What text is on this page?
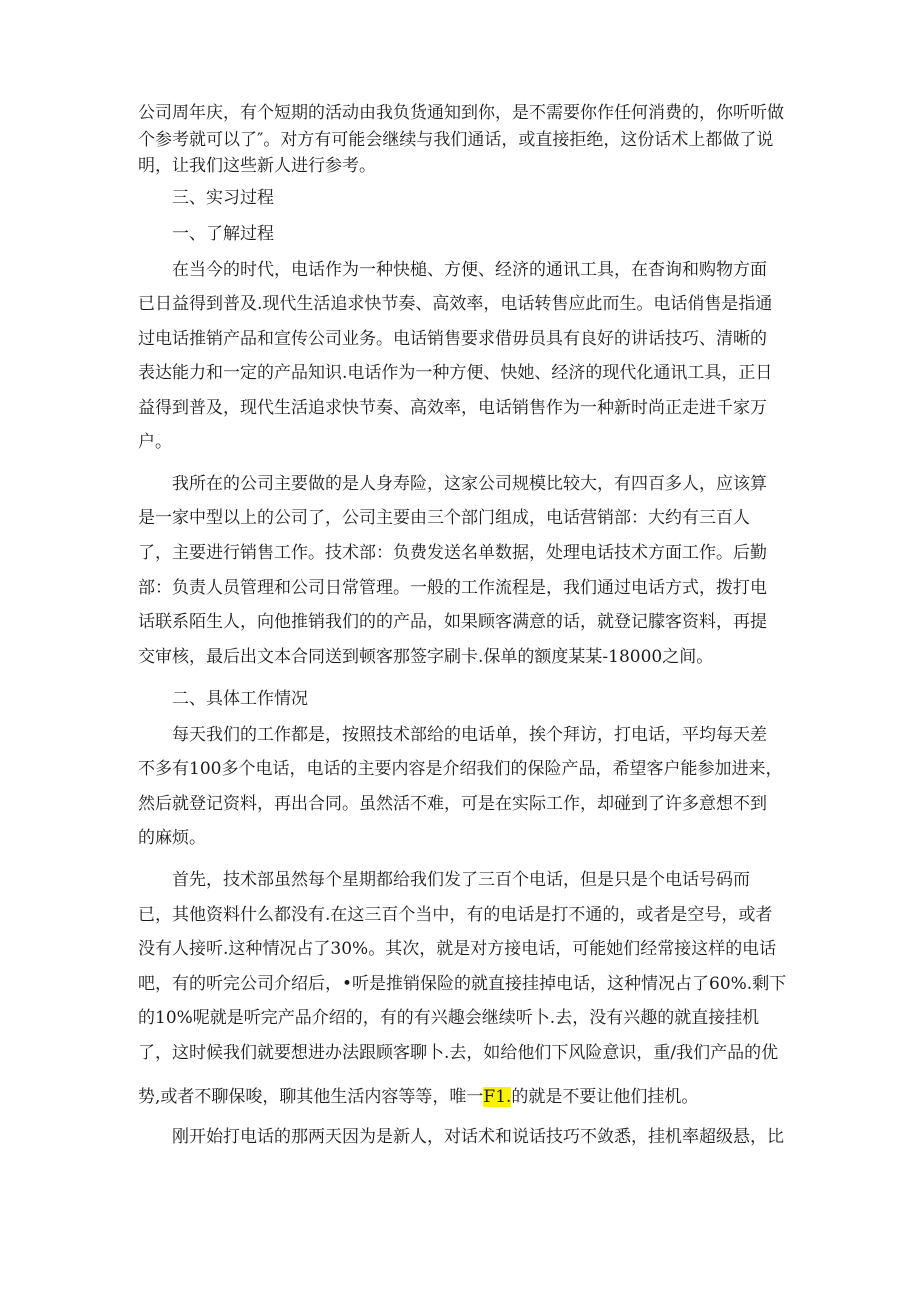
公司周年庆，有个短期的活动由我负货通知到你，是不需要你作任何消费的，你听听做
个参考就可以了″。对方有可能会继续与我们通话，或直接拒绝，这份话术上都做了说
明，让我们这些新人进行参考。
三、实习过程
一、了解过程
在当今的时代，电话作为一种快槌、方便、经济的通讯工具，在杳询和购物方面
已日益得到普及.现代生活追求快节奏、高效率，电话转售应此而生。电话俏售是指通
过电话推销产品和宣传公司业务。电话销售要求借毋员具有良好的讲话技巧、清晰的
表达能力和一定的产品知识.电话作为一种方便、快她、经济的现代化通讯工具，正日
益得到普及，现代生活追求快节奏、高效率，电话销售作为一种新时尚正走进千家万
户。
我所在的公司主要做的是人身寿险，这家公司规模比较大，有四百多人，应该算
是一家中型以上的公司了，公司主要由三个部门组成，电话营销部：大约有三百人
了，主要进行销售工作。技术部：负费发送名单数据，处理电话技术方面工作。后勤
部：负责人员管理和公司日常管理。一般的工作流程是，我们通过电话方式，拨打电
话联系陌生人，向他推销我们的的产品，如果顾客满意的话，就登记朦客资料，再提
交审核，最后出文本合同送到顿客那签字刷卡.保单的额度某某-18000之间。
二、具体工作情况
每天我们的工作都是，按照技术部给的电话单，挨个拜访，打电话，平均每天差
不多有100多个电话，电话的主要内容是介绍我们的保险产品，希望客户能参加进来，
然后就登记资料，再出合同。虽然活不难，可是在实际工作，却碰到了许多意想不到
的麻烦。
首先，技术部虽然每个星期都给我们发了三百个电话，但是只是个电话号码而
已，其他资料什么都没有.在这三百个当中，有的电话是打不通的，或者是空号，或者
没有人接听.这种情况占了30%。其次，就是对方接电话，可能她们经常接这样的电话
吧，有的听完公司介绍后，•听是推销保险的就直接挂掉电话，这种情况占了60%.剩下
的10%呢就是听完产品介绍的，有的有兴趣会继续听卜.去，没有兴趣的就直接挂机
了，这时候我们就要想进办法跟顾客聊卜.去，如给他们下风险意识，重/我们产品的优
势,或者不聊保唆，聊其他生活内容等等，唯一F1.的就是不要让他们挂机。
刚开始打电话的那两天因为是新人，对话术和说话技巧不敛悉，挂机率超级悬，比
